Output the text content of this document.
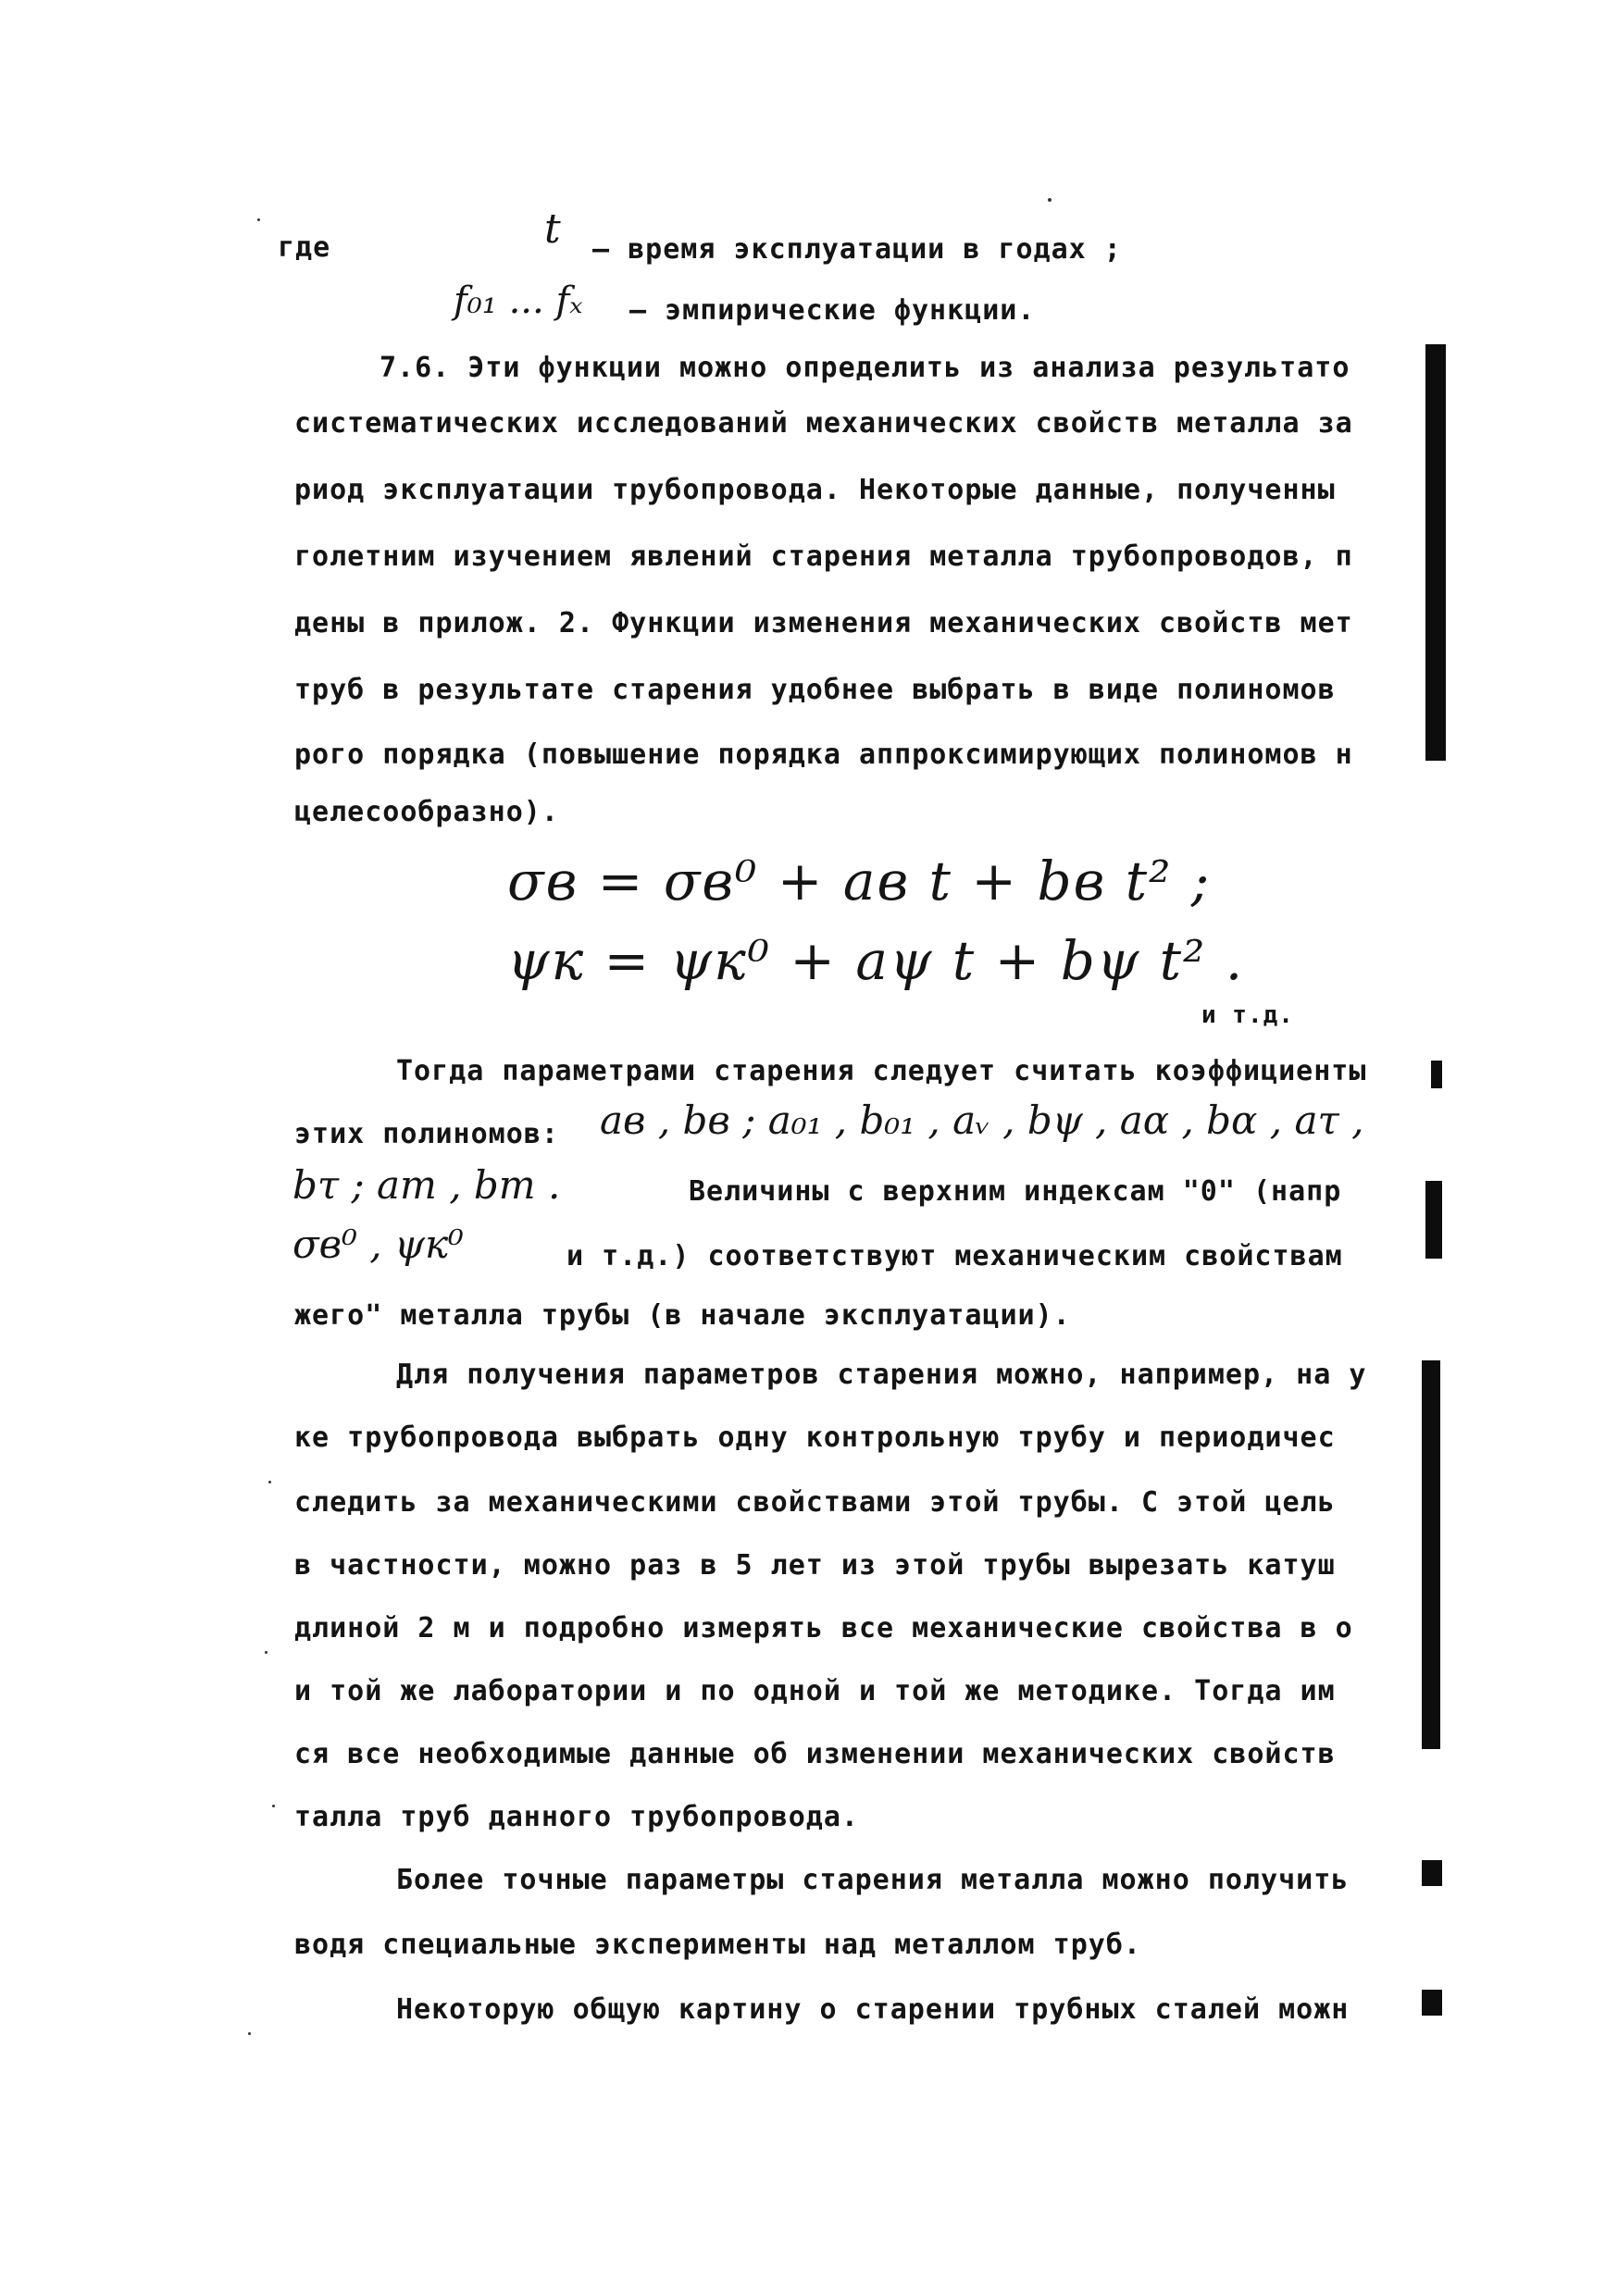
где	t – время эксплуатации в годах ;
f₀₁ ... fₓ – эмпирические функции.
7.6. Эти функции можно определить из анализа результато
систематических исследований механических свойств металла за
риод эксплуатации трубопровода. Некоторые данные, полученны
голетним изучением явлений старения металла трубопроводов, п
дены в прилож. 2. Функции изменения механических свойств мет
труб в результате старения удобнее выбрать в виде полиномов
рого порядка (повышение порядка аппроксимирующих полиномов н
целесообразно).
σв = σв⁰ + aв t + bв t² ;
ψк = ψк⁰ + aψ t + bψ t² .
и т.д.
Тогда параметрами старения следует считать коэффициенты
этих полиномов: aв , bв ; a₀₁ , b₀₁ , aᵥ , bψ , aα , bα , aτ ,
bτ ; am , bm .	Величины с верхним индексам "0" (напр
σв⁰ , ψк⁰	и т.д.) соответствуют механическим свойствам
жего" металла трубы (в начале эксплуатации).
Для получения параметров старения можно, например, на у
ке трубопровода выбрать одну контрольную трубу и периодичес
следить за механическими свойствами этой трубы. С этой цель
в частности, можно раз в 5 лет из этой трубы вырезать катуш
длиной 2 м и подробно измерять все механические свойства в о
и той же лаборатории и по одной и той же методике. Тогда им
ся все необходимые данные об изменении механических свойств
талла труб данного трубопровода.
Более точные параметры старения металла можно получить
водя специальные эксперименты над металлом труб.
Некоторую общую картину о старении трубных сталей можн
